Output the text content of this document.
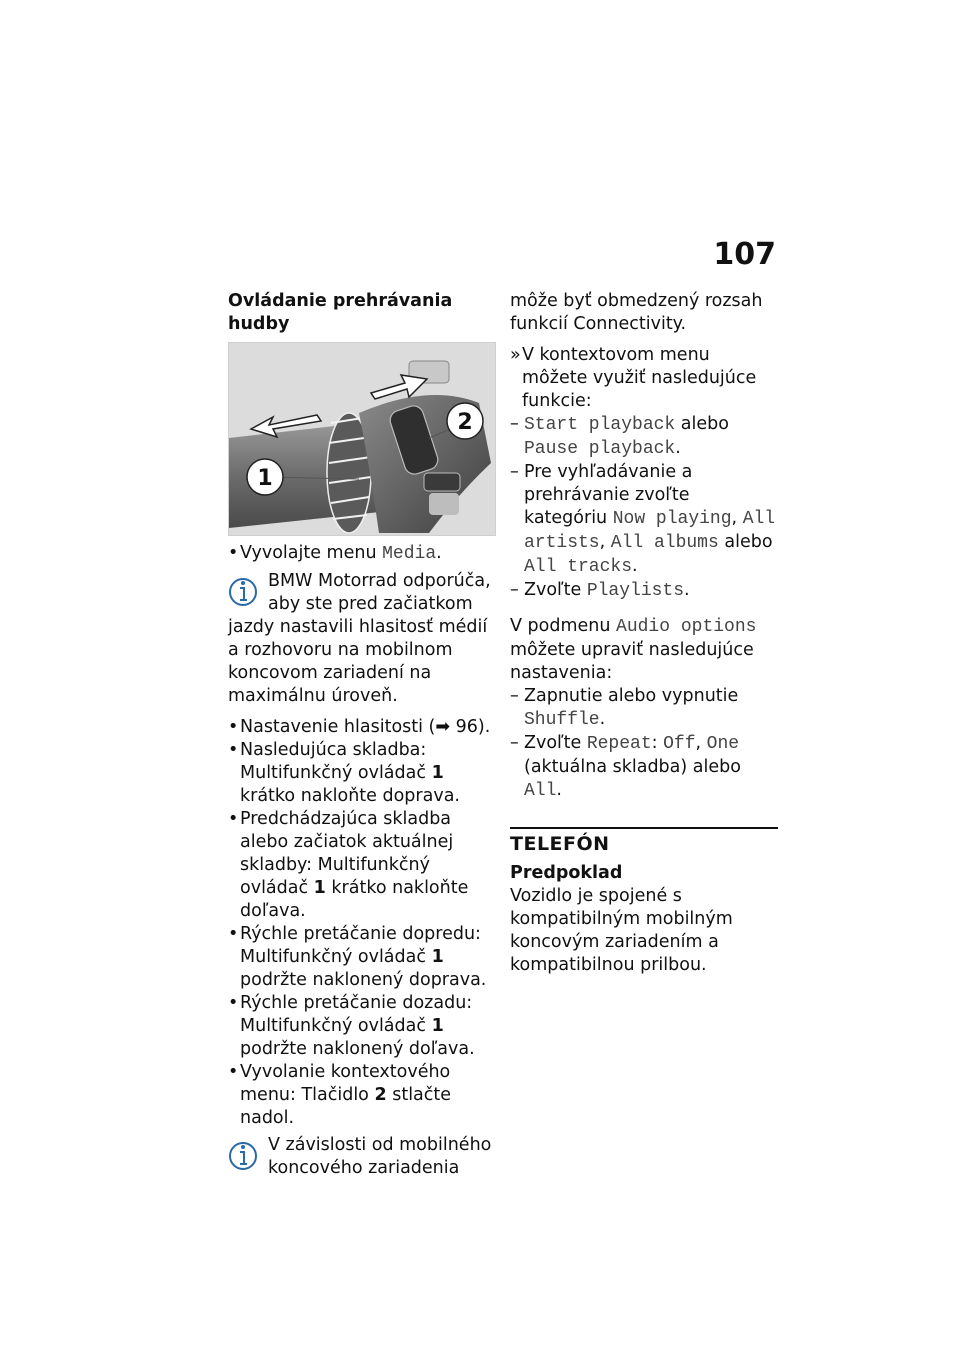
107
Ovládanie prehrávania hudby
1
2
• Vyvolajte menu Media.
BMW Motorrad odporúča,
aby ste pred začiatkom
jazdy nastavili hlasitosť médií a rozhovoru na mobilnom koncovom zariadení na maximálnu úroveň.
• Nastavenie hlasitosti (➡ 96).
• Nasledujúca skladba: Multifunkčný ovládač 1 krátko nakloňte doprava.
• Predchádzajúca skladba alebo začiatok aktuálnej skladby: Multifunkčný ovládač 1 krátko nakloňte doľava.
• Rýchle pretáčanie dopredu: Multifunkčný ovládač 1 podržte naklonený doprava.
• Rýchle pretáčanie dozadu: Multifunkčný ovládač 1 podržte naklonený doľava.
• Vyvolanie kontextového menu: Tlačidlo 2 stlačte nadol.
V závislosti od mobilného
koncového zariadenia

môže byť obmedzený rozsah funkcií Connectivity.

» V kontextovom menu môžete využiť nasledujúce funkcie:
– Start playback alebo Pause playback.
– Pre vyhľadávanie a prehrávanie zvoľte kategóriu Now playing, All artists, All albums alebo All tracks.
– Zvoľte Playlists.

V podmenu Audio options môžete upraviť nasledujúce nastavenia:

– Zapnutie alebo vypnutie Shuffle.
– Zvoľte Repeat: Off, One (aktuálna skladba) alebo All.
TELEFÓN
Predpoklad

Vozidlo je spojené s kompatibilným mobilným koncovým zariadením a kompatibilnou prilbou.
